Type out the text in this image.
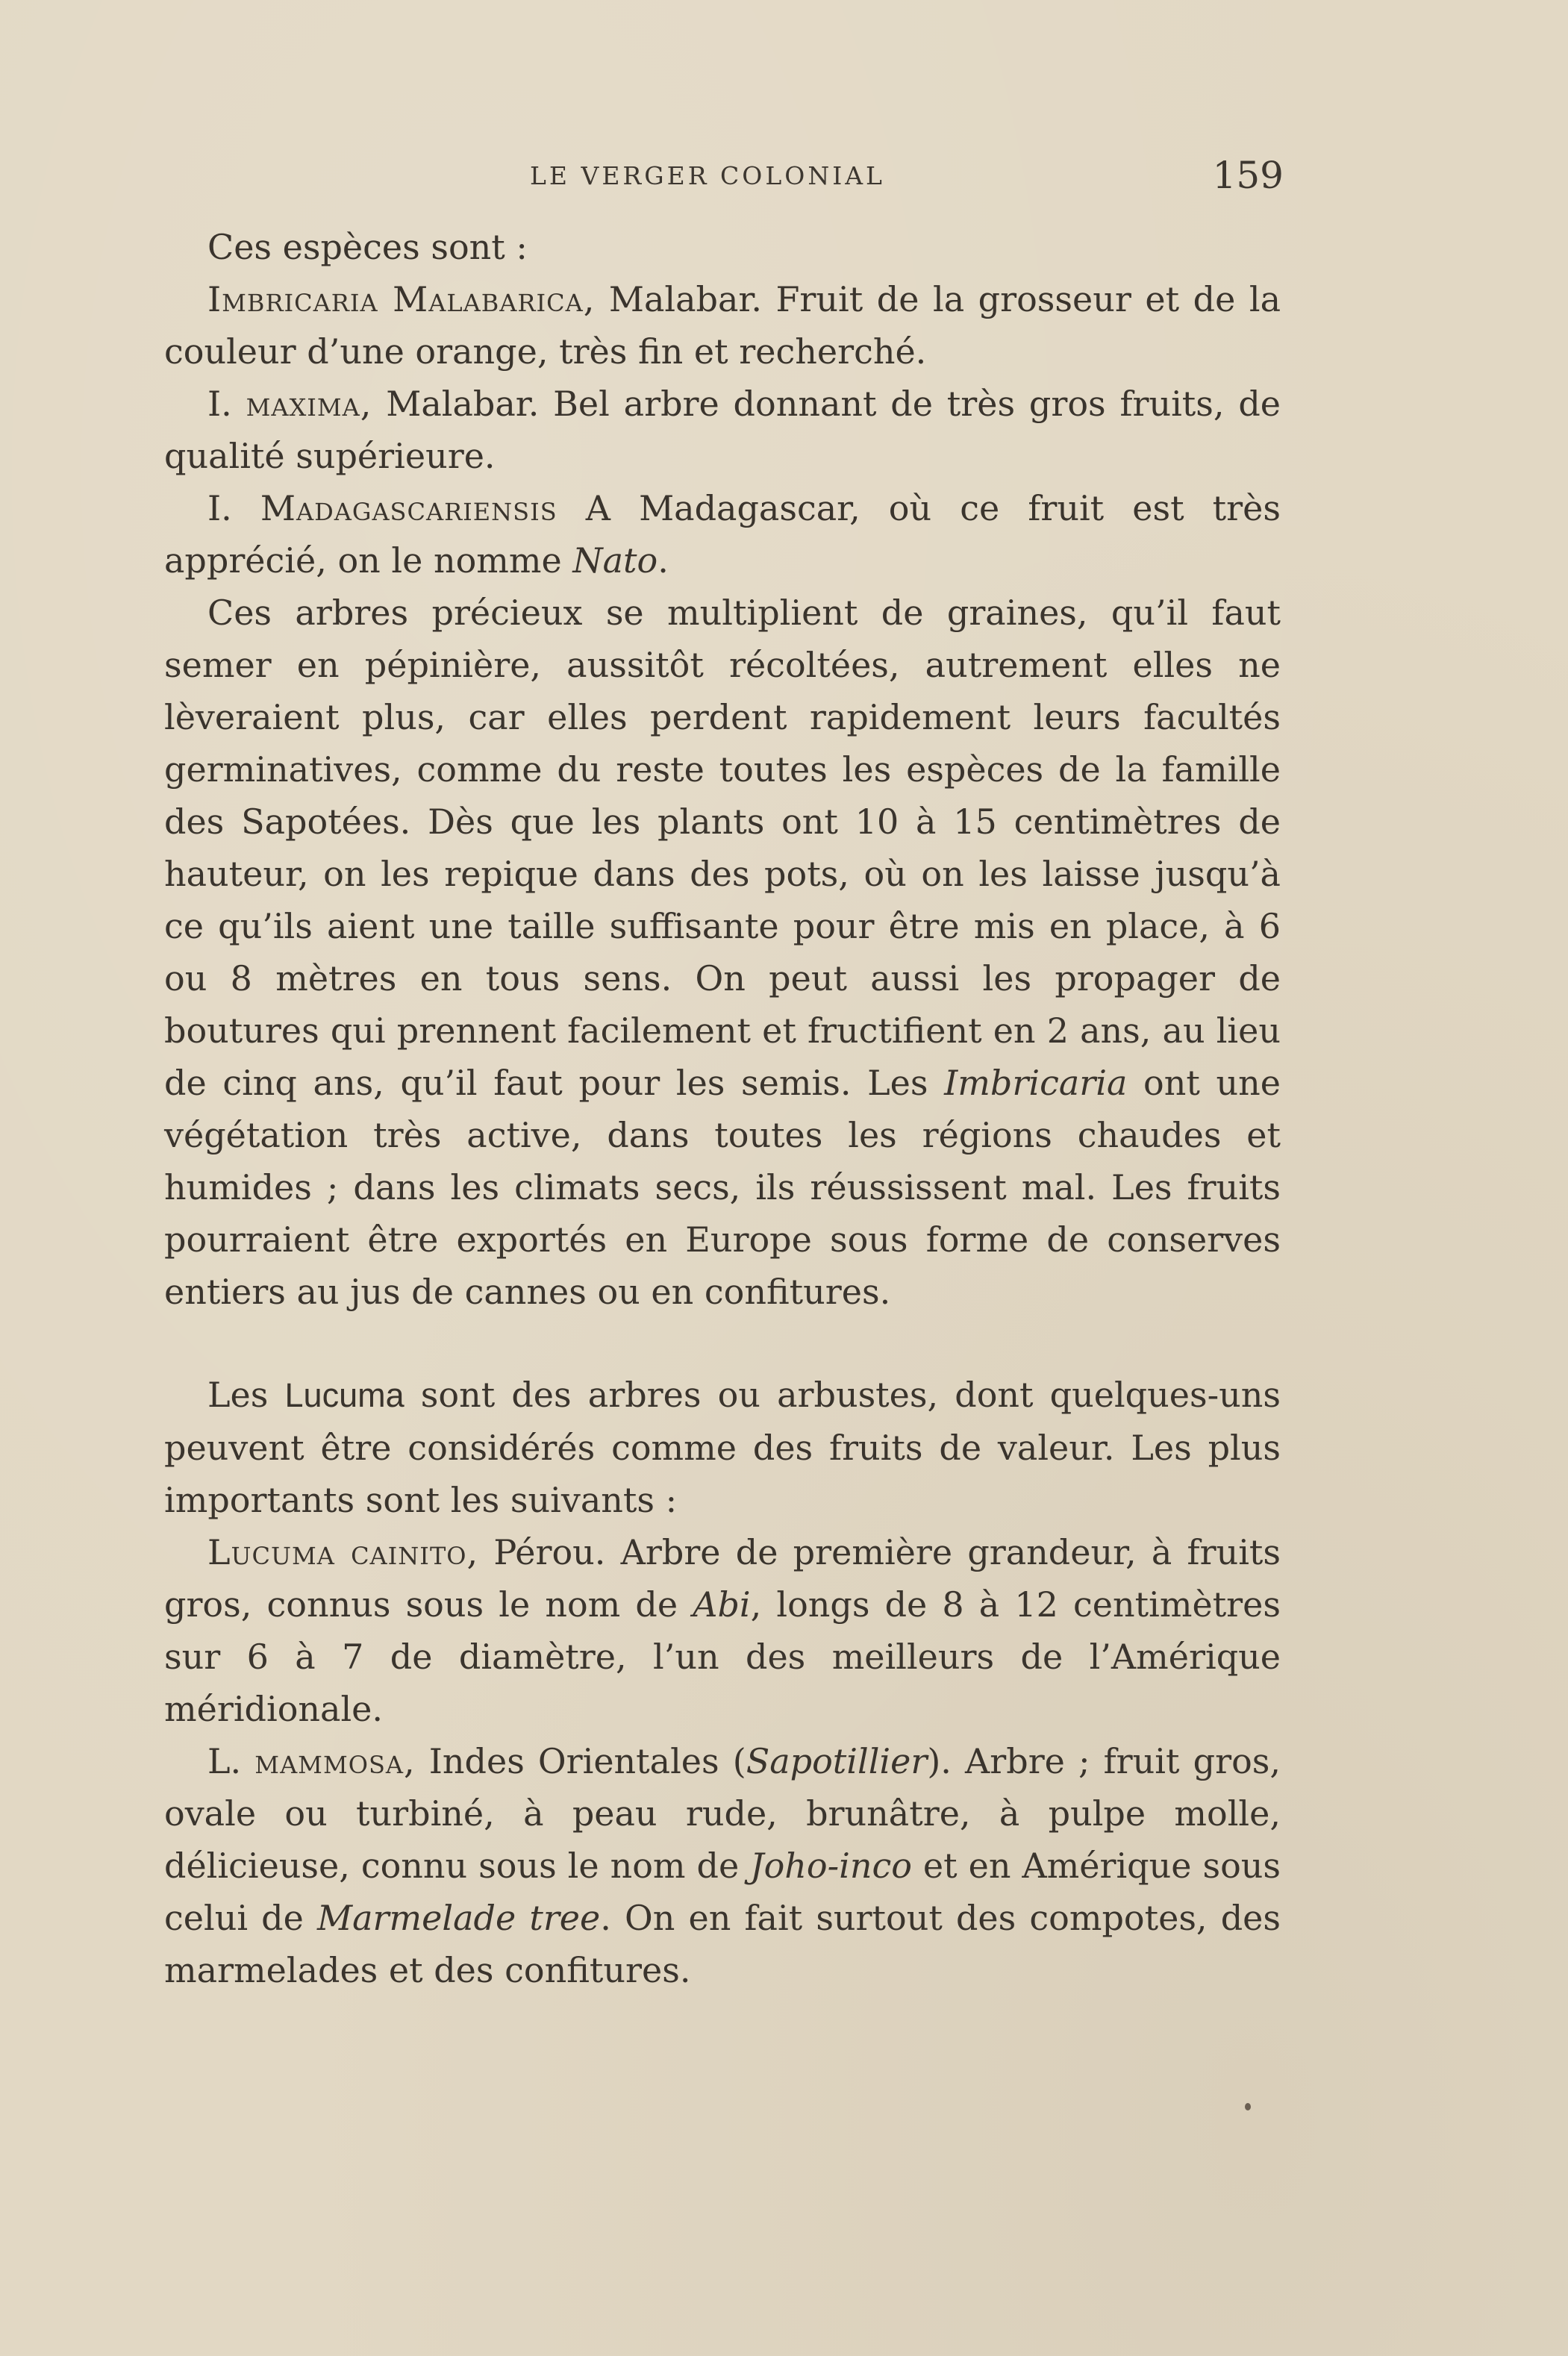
LE VERGER COLONIAL	159

Ces espèces sont :

Imbricaria Malabarica, Malabar. Fruit de la grosseur et de la couleur d’une orange, très fin et recherché.

I. maxima, Malabar. Bel arbre donnant de très gros fruits, de qualité supérieure.

I. Madagascariensis A Madagascar, où ce fruit est très apprécié, on le nomme Nato.

Ces arbres précieux se multiplient de graines, qu’il faut semer en pépinière, aussitôt récoltées, autrement elles ne lèveraient plus, car elles perdent rapidement leurs facultés germinatives, comme du reste toutes les espèces de la famille des Sapotées. Dès que les plants ont 10 à 15 centimètres de hauteur, on les repique dans des pots, où on les laisse jusqu’à ce qu’ils aient une taille suffisante pour être mis en place, à 6 ou 8 mètres en tous sens. On peut aussi les propager de boutures qui prennent facilement et fructifient en 2 ans, au lieu de cinq ans, qu’il faut pour les semis. Les Imbricaria ont une végétation très active, dans toutes les régions chaudes et humides ; dans les climats secs, ils réussissent mal. Les fruits pourraient être exportés en Europe sous forme de conserves entiers au jus de cannes ou en confitures.

Les Lucuma sont des arbres ou arbustes, dont quelques-uns peuvent être considérés comme des fruits de valeur. Les plus importants sont les suivants :

Lucuma cainito, Pérou. Arbre de première grandeur, à fruits gros, connus sous le nom de Abi, longs de 8 à 12 centimètres sur 6 à 7 de diamètre, l’un des meilleurs de l’Amérique méridionale.

L. mammosa, Indes Orientales (Sapotillier). Arbre ; fruit gros, ovale ou turbiné, à peau rude, brunâtre, à pulpe molle, délicieuse, connu sous le nom de Joho-inco et en Amérique sous celui de Marmelade tree. On en fait surtout des compotes, des marmelades et des confitures.
